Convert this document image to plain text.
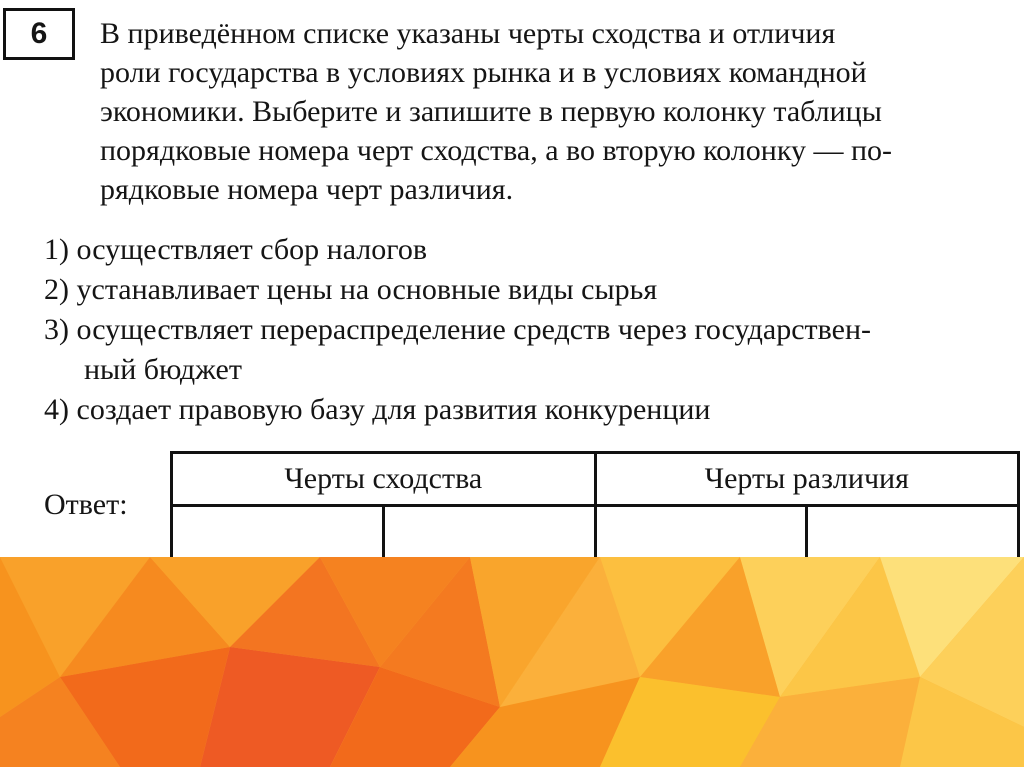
6 В приведённом списке указаны черты сходства и отличия
роли государства в условиях рынка и в условиях командной
экономики. Выберите и запишите в первую колонку таблицы
порядковые номера черт сходства, а во вторую колонку — по-
рядковые номера черт различия.

1) осуществляет сбор налогов
2) устанавливает цены на основные виды сырья
3) осуществляет перераспределение средств через государствен-
ный бюджет
4) создает правовую базу для развития конкуренции
Ответ:
Черты сходства		Черты различия	
